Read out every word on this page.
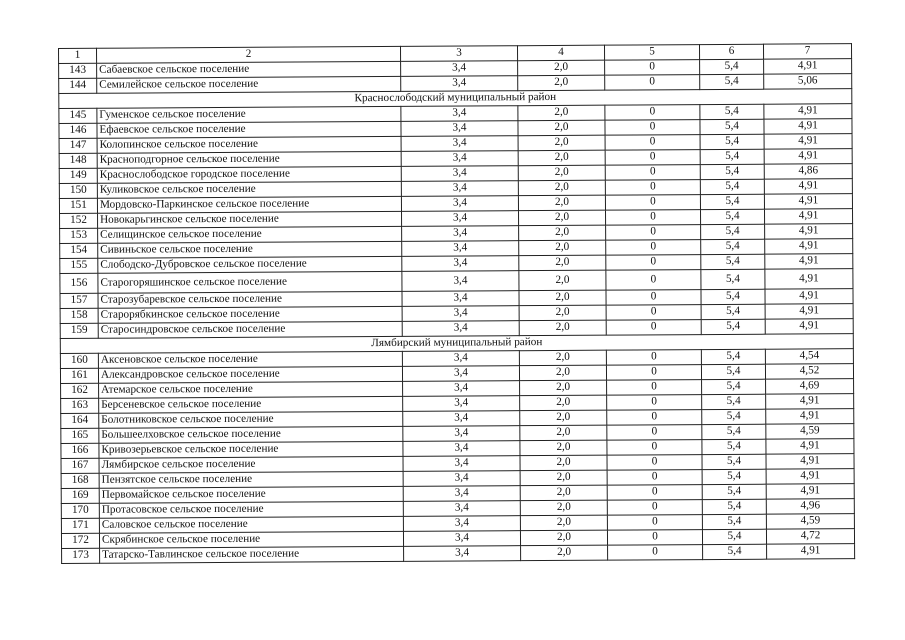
1	2	3	4	5	6	7
143	Сабаевское сельское поселение	3,4	2,0	0	5,4	4,91
144	Семилейское сельское поселение	3,4	2,0	0	5,4	5,06
Краснослободский муниципальный район						
145	Гуменское сельское поселение	3,4	2,0	0	5,4	4,91
146	Ефаевское сельское поселение	3,4	2,0	0	5,4	4,91
147	Колопинское сельское поселение	3,4	2,0	0	5,4	4,91
148	Красноподгорное сельское поселение	3,4	2,0	0	5,4	4,91
149	Краснослободское городское поселение	3,4	2,0	0	5,4	4,86
150	Куликовское сельское поселение	3,4	2,0	0	5,4	4,91
151	Мордовско-Паркинское сельское поселение	3,4	2,0	0	5,4	4,91
152	Новокарьгинское сельское поселение	3,4	2,0	0	5,4	4,91
153	Селищинское сельское поселение	3,4	2,0	0	5,4	4,91
154	Сивиньское сельское поселение	3,4	2,0	0	5,4	4,91
155	Слободско-Дубровское сельское поселение	3,4	2,0	0	5,4	4,91
156	Старогоряшинское сельское поселение	3,4	2,0	0	5,4	4,91
157	Старозубаревское сельское поселение	3,4	2,0	0	5,4	4,91
158	Старорябкинское сельское поселение	3,4	2,0	0	5,4	4,91
159	Старосиндровское сельское поселение	3,4	2,0	0	5,4	4,91
Лямбирский муниципальный район						
160	Аксеновское сельское поселение	3,4	2,0	0	5,4	4,54
161	Александровское сельское поселение	3,4	2,0	0	5,4	4,52
162	Атемарское сельское поселение	3,4	2,0	0	5,4	4,69
163	Берсеневское сельское поселение	3,4	2,0	0	5,4	4,91
164	Болотниковское сельское поселение	3,4	2,0	0	5,4	4,91
165	Большеелховское сельское поселение	3,4	2,0	0	5,4	4,59
166	Кривозерьевское сельское поселение	3,4	2,0	0	5,4	4,91
167	Лямбирское сельское поселение	3,4	2,0	0	5,4	4,91
168	Пензятское сельское поселение	3,4	2,0	0	5,4	4,91
169	Первомайское сельское поселение	3,4	2,0	0	5,4	4,91
170	Протасовское сельское поселение	3,4	2,0	0	5,4	4,96
171	Саловское сельское поселение	3,4	2,0	0	5,4	4,59
172	Скрябинское сельское поселение	3,4	2,0	0	5,4	4,72
173	Татарско-Тавлинское сельское поселение	3,4	2,0	0	5,4	4,91
